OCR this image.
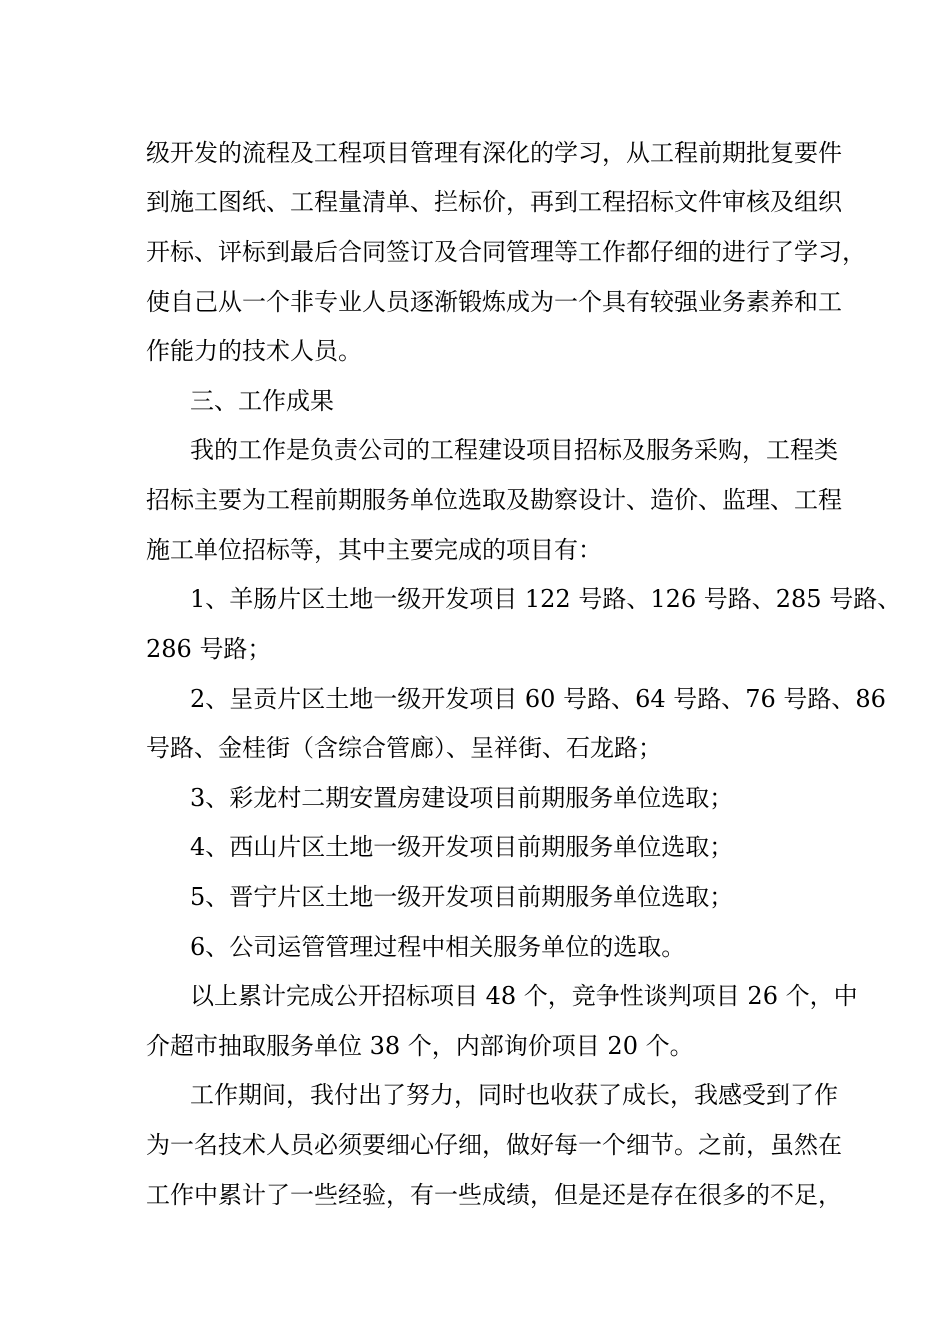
级开发的流程及工程项目管理有深化的学习，从工程前期批复要件

到施工图纸、工程量清单、拦标价，再到工程招标文件审核及组织

开标、评标到最后合同签订及合同管理等工作都仔细的进行了学习，

使自己从一个非专业人员逐渐锻炼成为一个具有较强业务素养和工

作能力的技术人员。

三、工作成果

我的工作是负责公司的工程建设项目招标及服务采购，工程类

招标主要为工程前期服务单位选取及勘察设计、造价、监理、工程

施工单位招标等，其中主要完成的项目有：

1、羊肠片区土地一级开发项目 122 号路、126 号路、285 号路、

286 号路；

2、呈贡片区土地一级开发项目 60 号路、64 号路、76 号路、86

号路、金桂街（含综合管廊）、呈祥街、石龙路；

3、彩龙村二期安置房建设项目前期服务单位选取；

4、西山片区土地一级开发项目前期服务单位选取；

5、晋宁片区土地一级开发项目前期服务单位选取；

6、公司运管管理过程中相关服务单位的选取。

以上累计完成公开招标项目 48 个，竞争性谈判项目 26 个，中

介超市抽取服务单位 38 个，内部询价项目 20 个。

工作期间，我付出了努力，同时也收获了成长，我感受到了作

为一名技术人员必须要细心仔细，做好每一个细节。之前，虽然在

工作中累计了一些经验，有一些成绩，但是还是存在很多的不足，
